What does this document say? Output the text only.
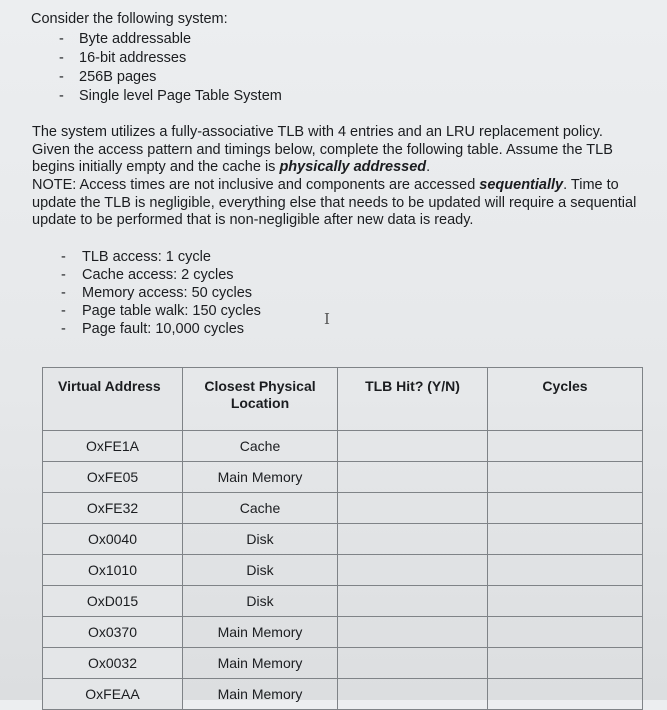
Consider the following system:
- Byte addressable
- 16-bit addresses
- 256B pages
- Single level Page Table System
The system utilizes a fully-associative TLB with 4 entries and an LRU replacement policy. Given the access pattern and timings below, complete the following table. Assume the TLB begins initially empty and the cache is physically addressed.
NOTE: Access times are not inclusive and components are accessed sequentially. Time to update the TLB is negligible, everything else that needs to be updated will require a sequential update to be performed that is non-negligible after new data is ready.
- TLB access: 1 cycle
- Cache access: 2 cycles
- Memory access: 50 cycles
- Page table walk: 150 cycles
- Page fault: 10,000 cycles
I
Virtual Address	Closest Physical Location	TLB Hit? (Y/N)	Cycles
OxFE1A	Cache		
OxFE05	Main Memory		
OxFE32	Cache		
Ox0040	Disk		
Ox1010	Disk		
OxD015	Disk		
Ox0370	Main Memory		
Ox0032	Main Memory		
OxFEAA	Main Memory		
